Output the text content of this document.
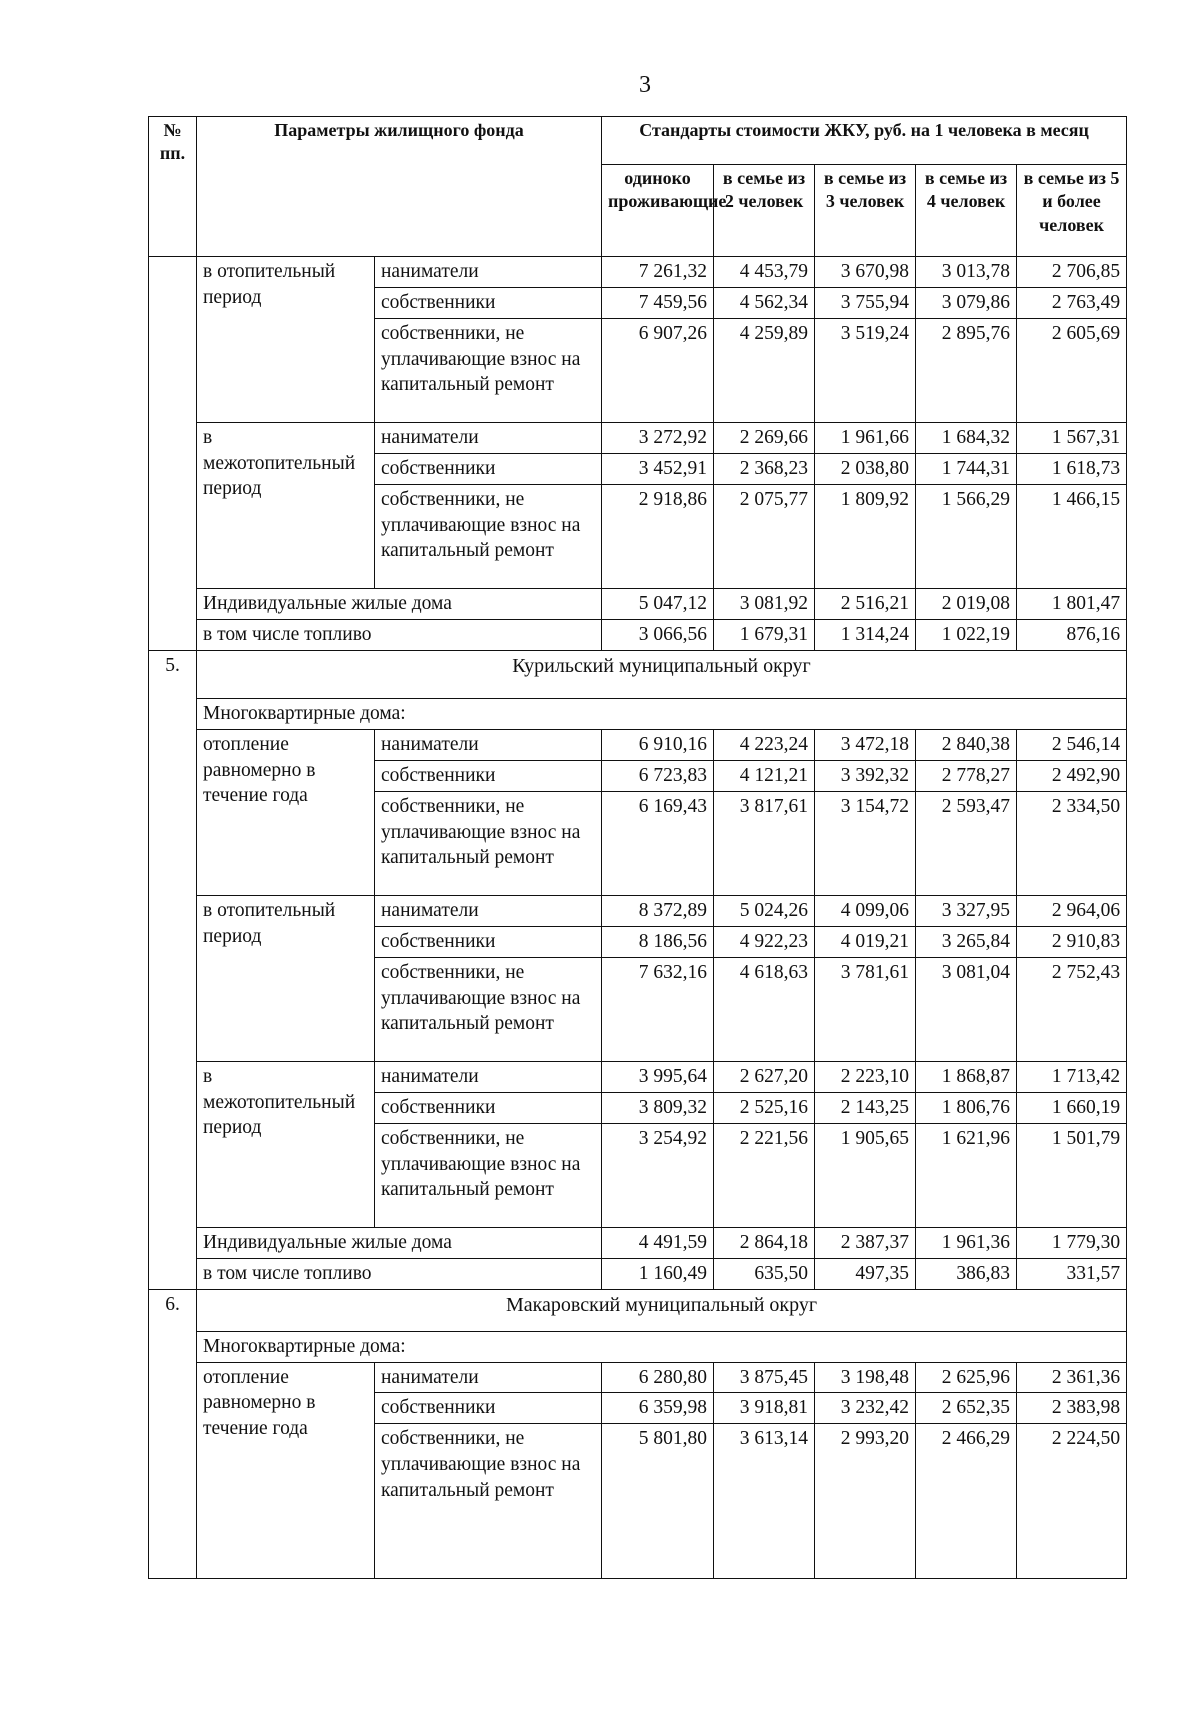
3
№ пп.	Параметры жилищного фонда		Стандарты стоимости ЖКУ, руб. на 1 человека в месяц				
			одиноко проживающие	в семье из 2 человек	в семье из 3 человек	в семье из 4 человек	в семье из 5 и более человек
	в отопительный период	наниматели	7 261,32	4 453,79	3 670,98	3 013,78	2 706,85
		собственники	7 459,56	4 562,34	3 755,94	3 079,86	2 763,49
		собственники, не уплачивающие взнос на капитальный ремонт	6 907,26	4 259,89	3 519,24	2 895,76	2 605,69
	в межотопительный период	наниматели	3 272,92	2 269,66	1 961,66	1 684,32	1 567,31
		собственники	3 452,91	2 368,23	2 038,80	1 744,31	1 618,73
		собственники, не уплачивающие взнос на капитальный ремонт	2 918,86	2 075,77	1 809,92	1 566,29	1 466,15
	Индивидуальные жилые дома		5 047,12	3 081,92	2 516,21	2 019,08	1 801,47
	в том числе топливо		3 066,56	1 679,31	1 314,24	1 022,19	876,16
5.	Курильский муниципальный округ						
	Многоквартирные дома:						
	отопление равномерно в течение года	наниматели	6 910,16	4 223,24	3 472,18	2 840,38	2 546,14
		собственники	6 723,83	4 121,21	3 392,32	2 778,27	2 492,90
		собственники, не уплачивающие взнос на капитальный ремонт	6 169,43	3 817,61	3 154,72	2 593,47	2 334,50
	в отопительный период	наниматели	8 372,89	5 024,26	4 099,06	3 327,95	2 964,06
		собственники	8 186,56	4 922,23	4 019,21	3 265,84	2 910,83
		собственники, не уплачивающие взнос на капитальный ремонт	7 632,16	4 618,63	3 781,61	3 081,04	2 752,43
	в межотопительный период	наниматели	3 995,64	2 627,20	2 223,10	1 868,87	1 713,42
		собственники	3 809,32	2 525,16	2 143,25	1 806,76	1 660,19
		собственники, не уплачивающие взнос на капитальный ремонт	3 254,92	2 221,56	1 905,65	1 621,96	1 501,79
	Индивидуальные жилые дома		4 491,59	2 864,18	2 387,37	1 961,36	1 779,30
	в том числе топливо		1 160,49	635,50	497,35	386,83	331,57
6.	Макаровский муниципальный округ						
	Многоквартирные дома:						
	отопление равномерно в течение года	наниматели	6 280,80	3 875,45	3 198,48	2 625,96	2 361,36
		собственники	6 359,98	3 918,81	3 232,42	2 652,35	2 383,98
		собственники, не уплачивающие взнос на капитальный ремонт	5 801,80	3 613,14	2 993,20	2 466,29	2 224,50
